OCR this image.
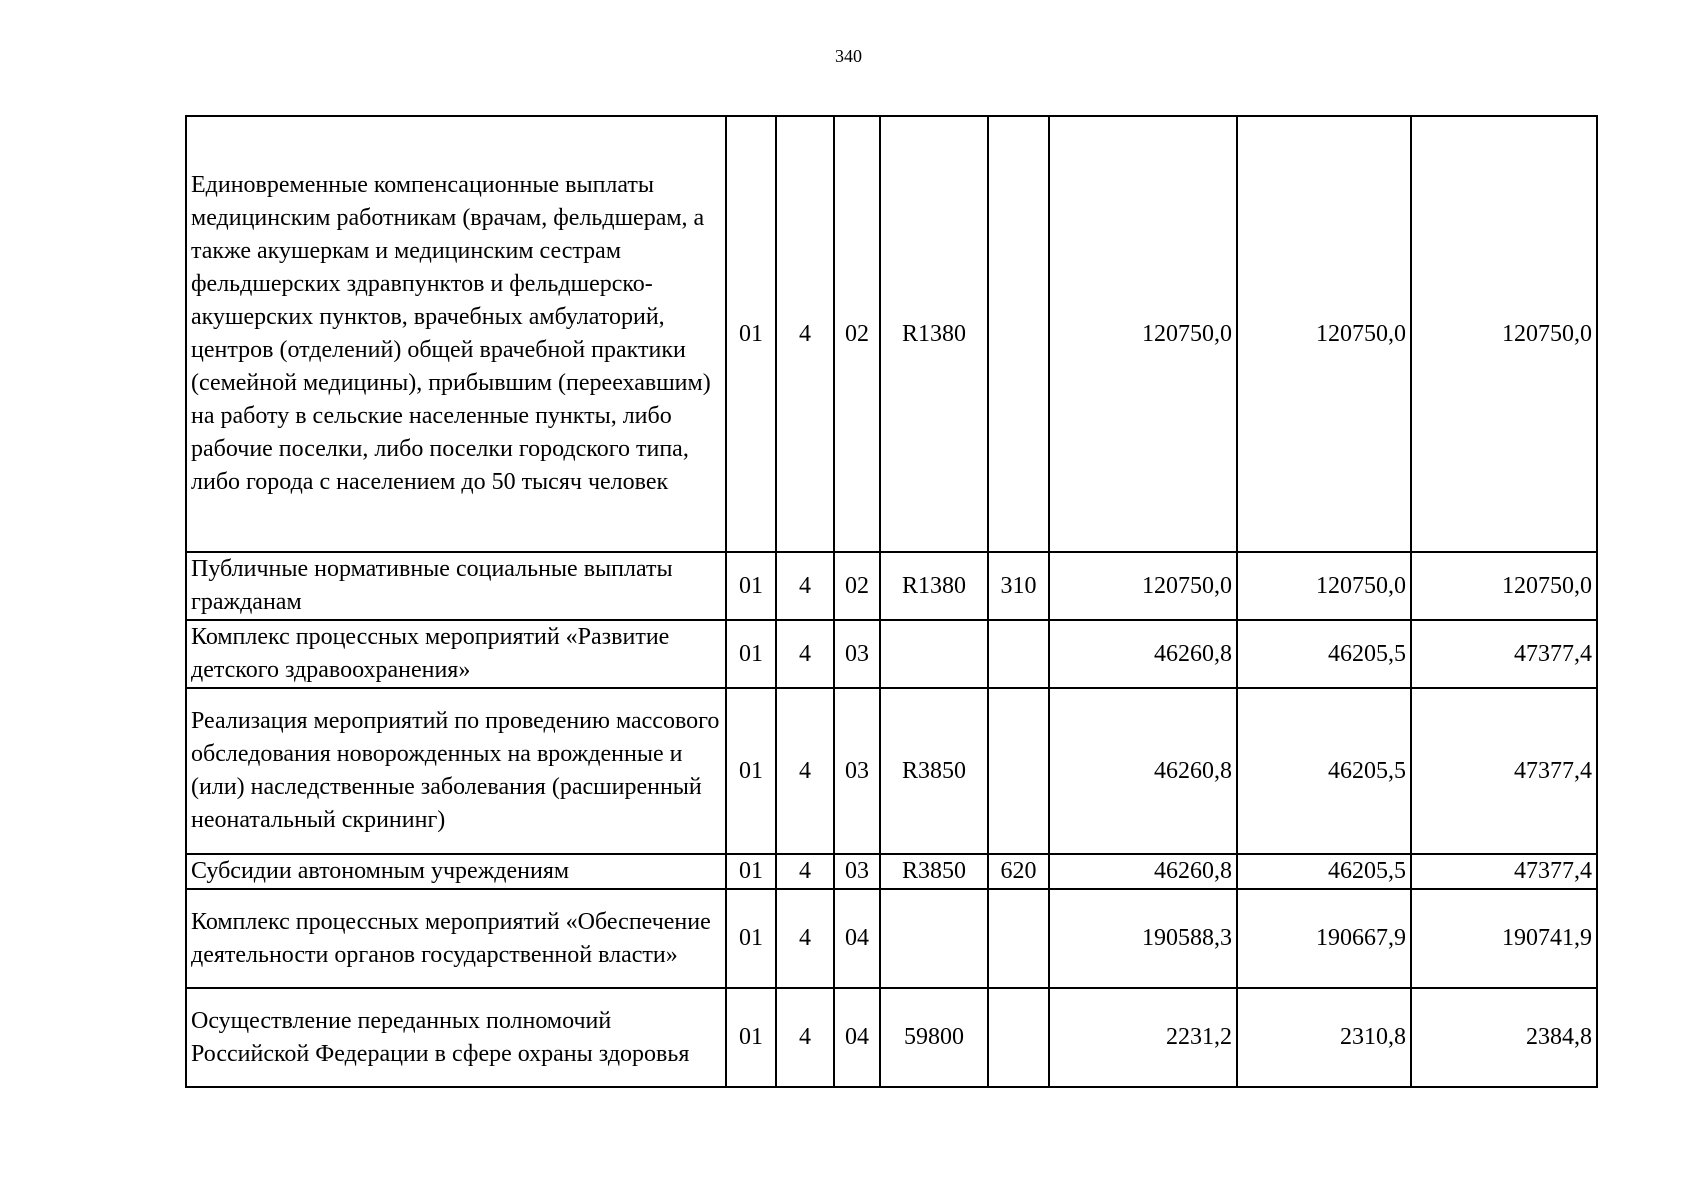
340
Единовременные компенсационные выплаты медицинским работникам (врачам, фельдшерам, а также акушеркам и медицинским сестрам фельдшерских здравпунктов и фельдшерско-акушерских пунктов, врачебных амбулаторий, центров (отделений) общей врачебной практики (семейной медицины), прибывшим (переехавшим) на работу в сельские населенные пункты, либо рабочие поселки, либо поселки городского типа, либо города с населением до 50 тысяч человек	01	4	02	R1380		120750,0	120750,0	120750,0
Публичные нормативные социальные выплаты гражданам	01	4	02	R1380	310	120750,0	120750,0	120750,0
Комплекс процессных мероприятий «Развитие детского здравоохранения»	01	4	03			46260,8	46205,5	47377,4
Реализация мероприятий по проведению массового обследования новорожденных на врожденные и (или) наследственные заболевания (расширенный неонатальный скрининг)	01	4	03	R3850		46260,8	46205,5	47377,4
Субсидии автономным учреждениям	01	4	03	R3850	620	46260,8	46205,5	47377,4
Комплекс процессных мероприятий «Обеспечение деятельности органов государственной власти»	01	4	04			190588,3	190667,9	190741,9
Осуществление переданных полномочий Российской Федерации в сфере охраны здоровья	01	4	04	59800		2231,2	2310,8	2384,8
